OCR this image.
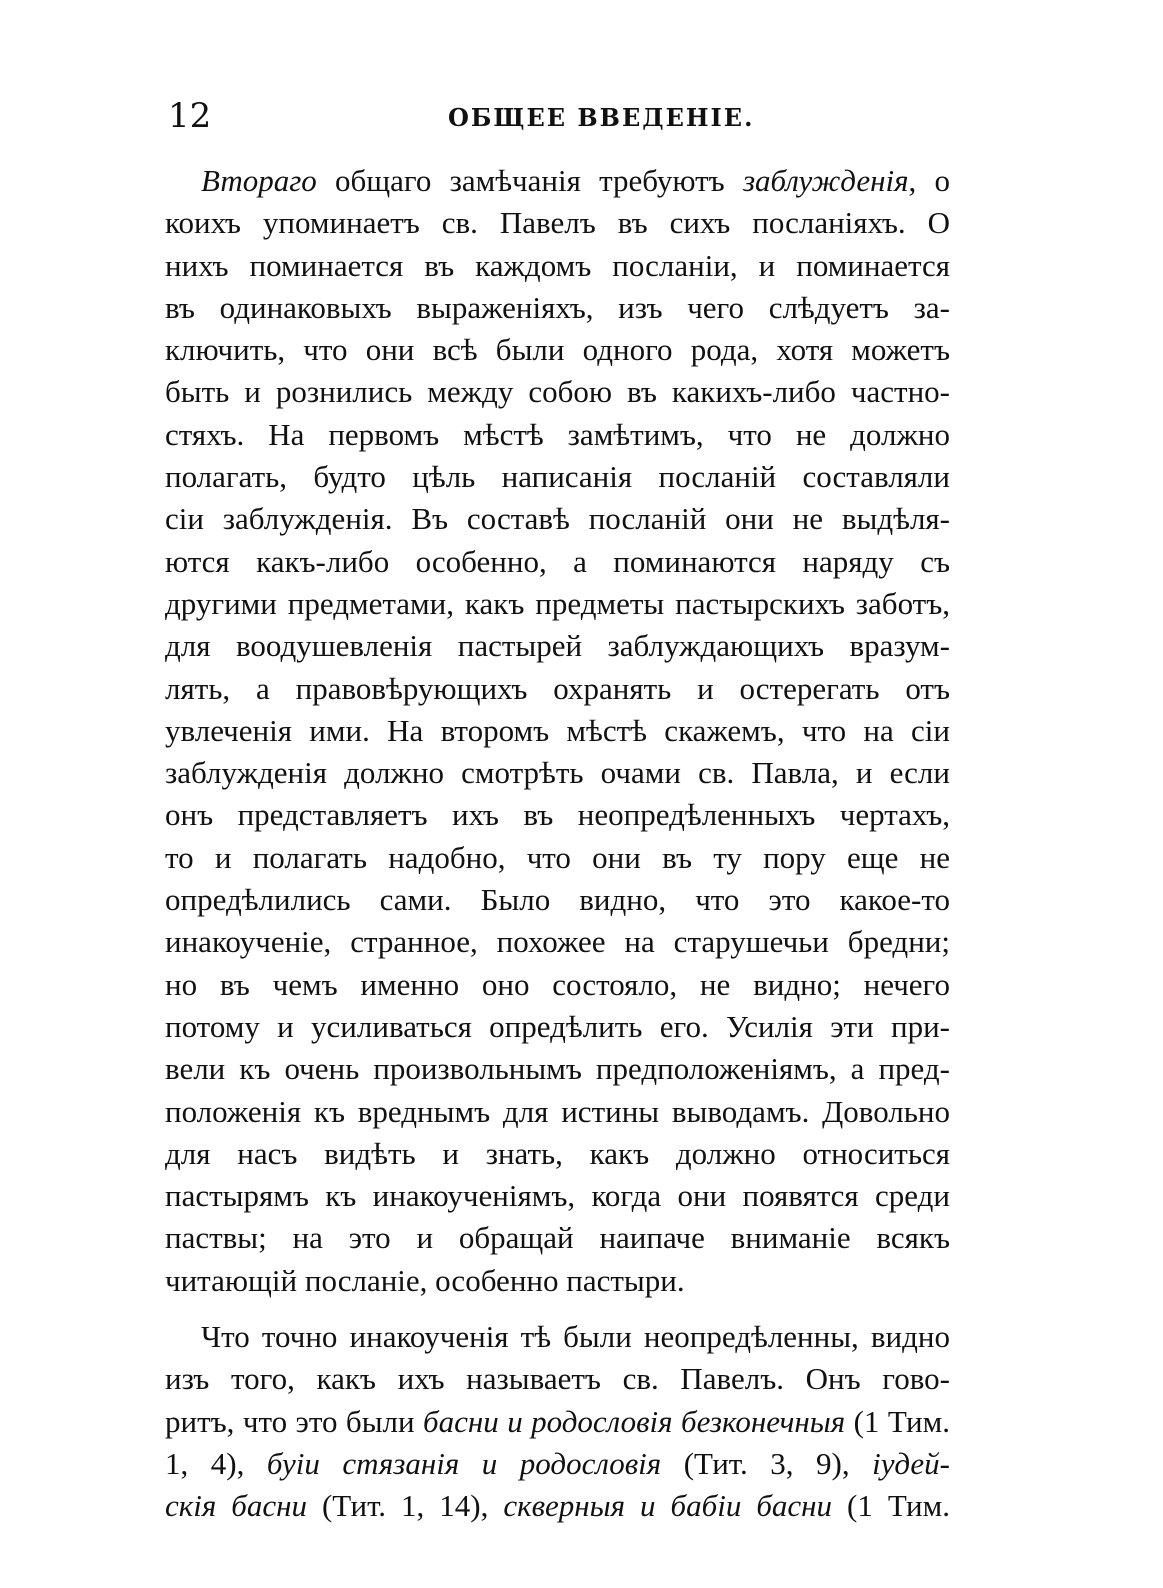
12	ОБЩЕЕ ВВЕДЕНІЕ.
Втораго общаго замѣчанія требуютъ заблужденія, о
коихъ упоминаетъ св. Павелъ въ сихъ посланіяхъ. О
нихъ поминается въ каждомъ посланіи, и поминается
въ одинаковыхъ выраженіяхъ, изъ чего слѣдуетъ за-
ключить, что они всѣ были одного рода, хотя можетъ
быть и рознились между собою въ какихъ-либо частно-
стяхъ. На первомъ мѣстѣ замѣтимъ, что не должно
полагать, будто цѣль написанія посланій составляли
сіи заблужденія. Въ составѣ посланій они не выдѣля-
ются какъ-либо особенно, а поминаются наряду съ
другими предметами, какъ предметы пастырскихъ заботъ,
для воодушевленія пастырей заблуждающихъ вразум-
лять, а правовѣрующихъ охранять и остерегать отъ
увлеченія ими. На второмъ мѣстѣ скажемъ, что на сіи
заблужденія должно смотрѣть очами св. Павла, и если
онъ представляетъ ихъ въ неопредѣленныхъ чертахъ,
то и полагать надобно, что они въ ту пору еще не
опредѣлились сами. Было видно, что это какое-то
инакоученіе, странное, похожее на старушечьи бредни;
но въ чемъ именно оно состояло, не видно; нечего
потому и усиливаться опредѣлить его. Усилія эти при-
вели къ очень произвольнымъ предположеніямъ, а пред-
положенія къ вреднымъ для истины выводамъ. Довольно
для насъ видѣть и знать, какъ должно относиться
пастырямъ къ инакоученіямъ, когда они появятся среди
паствы; на это и обращай наипаче вниманіе всякъ
читающій посланіе, особенно пастыри.
Что точно инакоученія тѣ были неопредѣленны, видно
изъ того, какъ ихъ называетъ св. Павелъ. Онъ гово-
ритъ, что это были басни и родословія безконечныя (1 Тим.
1, 4), буіи стязанія и родословія (Тит. 3, 9), іудей-
скія басни (Тит. 1, 14), скверныя и бабіи басни (1 Тим.
